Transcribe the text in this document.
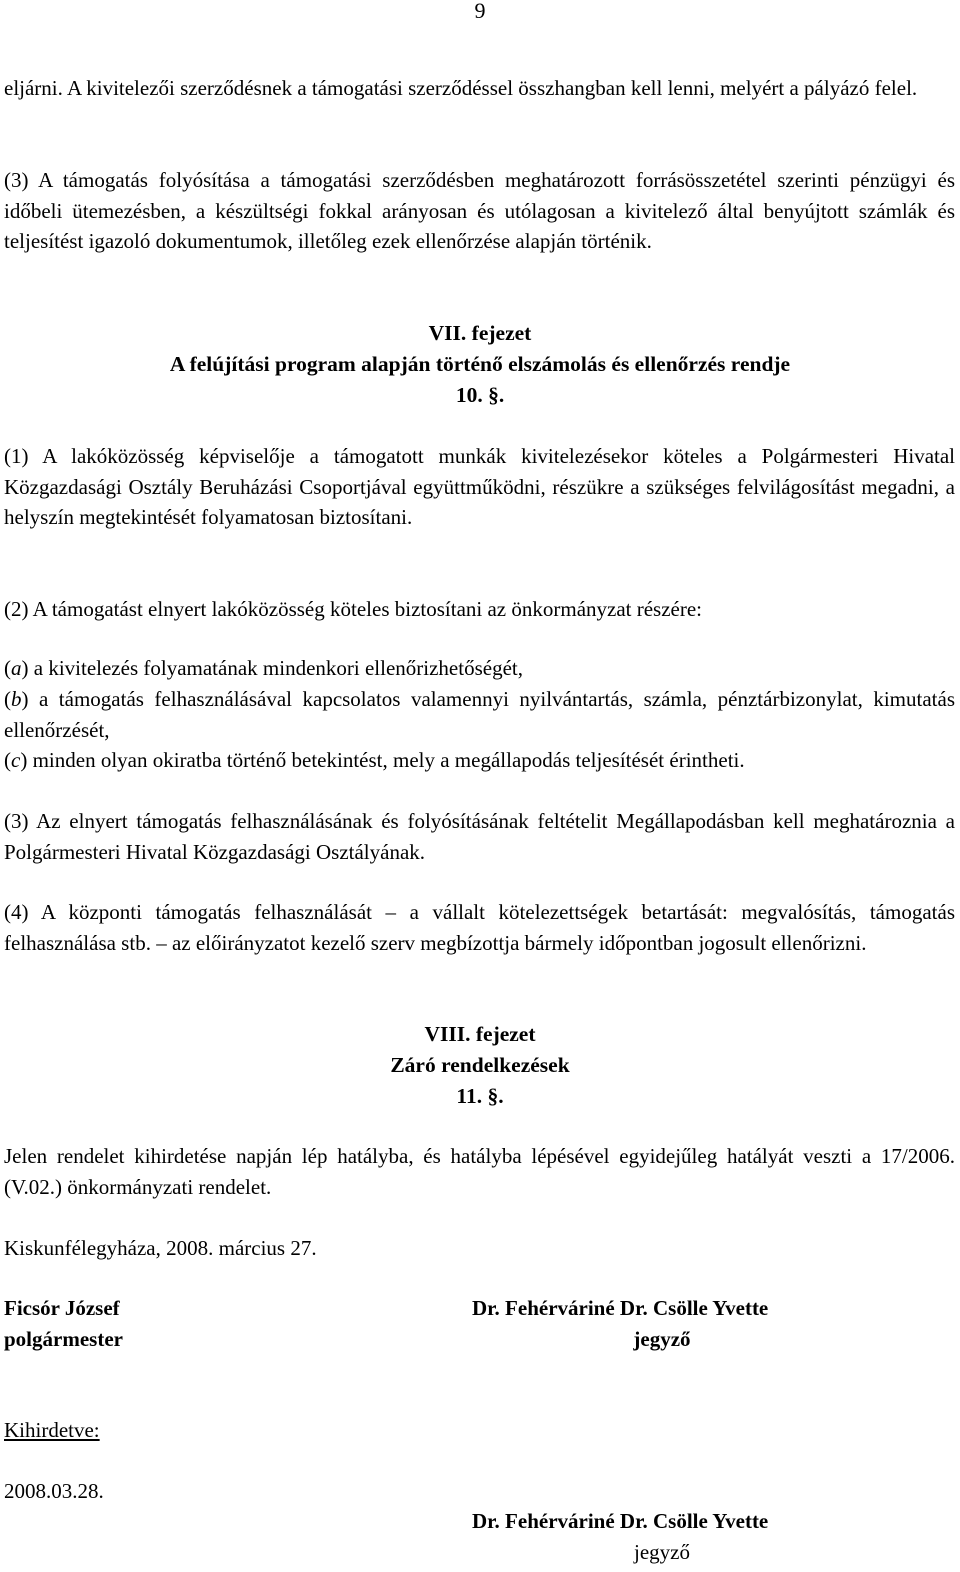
9

eljárni. A kivitelezői szerződésnek a támogatási szerződéssel összhangban kell lenni, melyért a pályázó felel.

(3) A támogatás folyósítása a támogatási szerződésben meghatározott forrásösszetétel szerinti pénzügyi és időbeli ütemezésben, a készültségi fokkal arányosan és utólagosan a kivitelező által benyújtott számlák és teljesítést igazoló dokumentumok, illetőleg ezek ellenőrzése alapján történik.

VII. fejezet

A felújítási program alapján történő elszámolás és ellenőrzés rendje

10. §.

(1) A lakóközösség képviselője a támogatott munkák kivitelezésekor köteles a Polgármesteri Hivatal Közgazdasági Osztály Beruházási Csoportjával együttműködni, részükre a szükséges felvilágosítást megadni, a helyszín megtekintését folyamatosan biztosítani.

(2) A támogatást elnyert lakóközösség köteles biztosítani az önkormányzat részére:

(a) a kivitelezés folyamatának mindenkori ellenőrizhetőségét,

(b) a támogatás felhasználásával kapcsolatos valamennyi nyilvántartás, számla, pénztárbizonylat, kimutatás ellenőrzését,

(c) minden olyan okiratba történő betekintést, mely a megállapodás teljesítését érintheti.

(3) Az elnyert támogatás felhasználásának és folyósításának feltételit Megállapodásban kell meghatároznia a Polgármesteri Hivatal Közgazdasági Osztályának.

(4) A központi támogatás felhasználását – a vállalt kötelezettségek betartását: megvalósítás, támogatás felhasználása stb. – az előirányzatot kezelő szerv megbízottja bármely időpontban jogosult ellenőrizni.

VIII. fejezet

Záró rendelkezések

11. §.

Jelen rendelet kihirdetése napján lép hatályba, és hatályba lépésével egyidejűleg hatályát veszti a 17/2006. (V.02.) önkormányzati rendelet.

Kiskunfélegyháza, 2008. március 27.

Ficsór József

polgármester

Dr. Fehérváriné Dr. Csölle Yvette

jegyző

Kihirdetve:

2008.03.28.

Dr. Fehérváriné Dr. Csölle Yvette

jegyző
